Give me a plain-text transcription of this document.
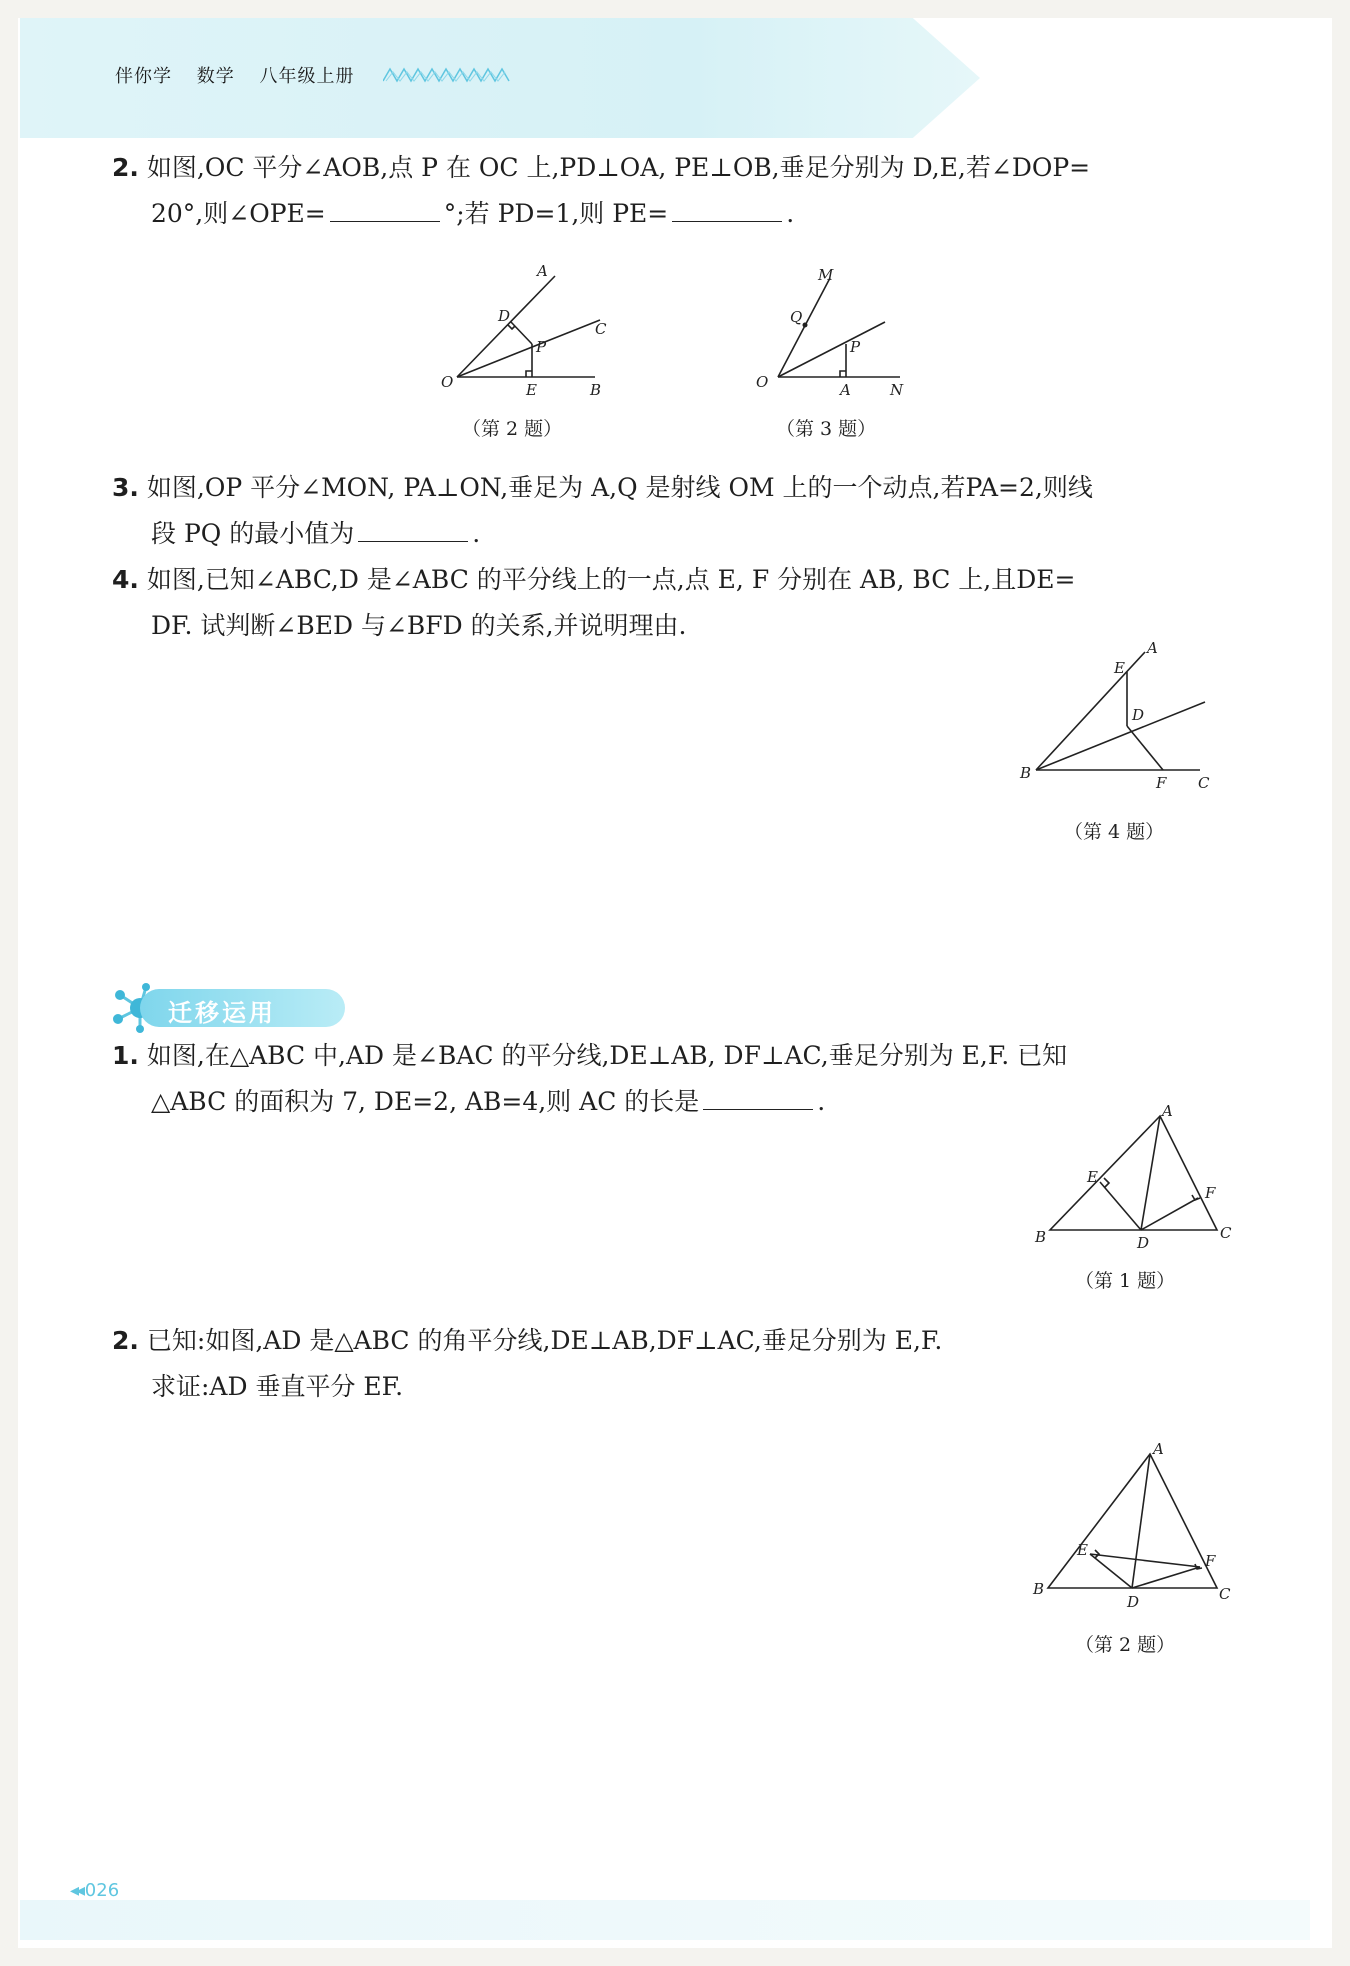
伴你学 数学 八年级上册
2. 如图,OC 平分∠AOB,点 P 在 OC 上,PD⊥OA, PE⊥OB,垂足分别为 D,E,若∠DOP=
20°,则∠OPE=	°;若 PD=1,则 PE=	.
A
D
C
P
O	E	B
（第 2 题）
M
Q
P
O	A	N
（第 3 题）
3. 如图,OP 平分∠MON, PA⊥ON,垂足为 A,Q 是射线 OM 上的一个动点,若PA=2,则线
段 PQ 的最小值为	.
4. 如图,已知∠ABC,D 是∠ABC 的平分线上的一点,点 E, F 分别在 AB, BC 上,且DE=
DF. 试判断∠BED 与∠BFD 的关系,并说明理由.
A
E
D
B
F C
（第 4 题）
迁移运用
1. 如图,在△ABC 中,AD 是∠BAC 的平分线,DE⊥AB, DF⊥AC,垂足分别为 E,F. 已知
△ABC 的面积为 7, DE=2, AB=4,则 AC 的长是	.	A
E
F
B	D
C
（第 1 题）
2. 已知:如图,AD 是△ABC 的角平分线,DE⊥AB,DF⊥AC,垂足分别为 E,F.
求证:AD 垂直平分 EF.
A
E
F
B
D	C
（第 2 题）
◂◂ 026
